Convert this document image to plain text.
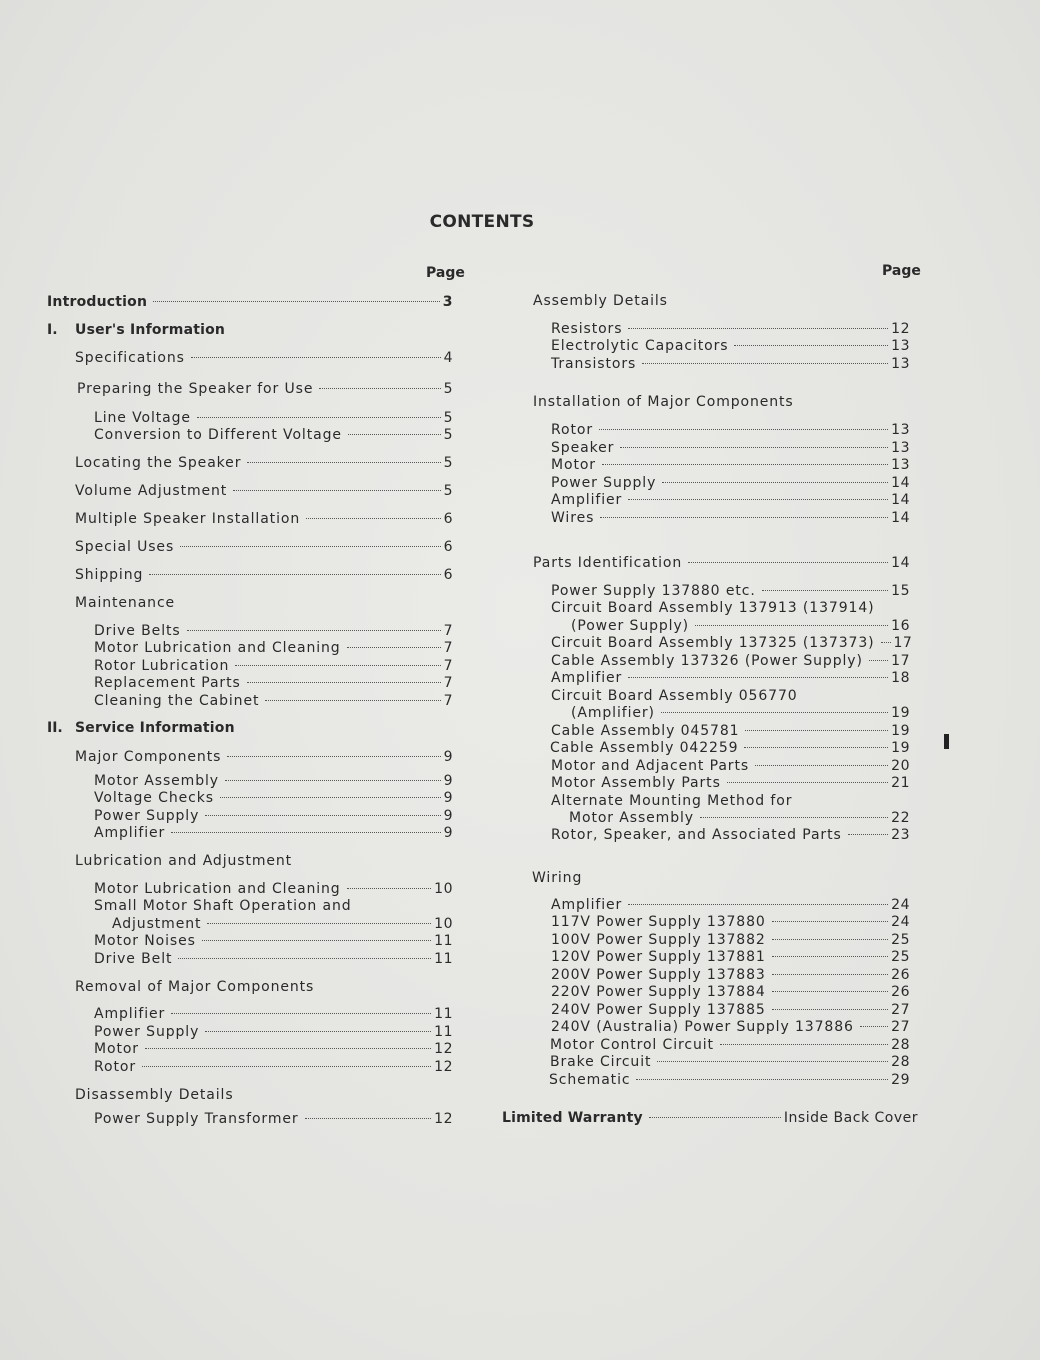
CONTENTS
Page	Page
Introduction	3
I. User's Information
Specifications	4
Preparing the Speaker for Use	5
Line Voltage	5
Conversion to Different Voltage	5
Locating the Speaker	5
Volume Adjustment	5
Multiple Speaker Installation	6
Special Uses	6
Shipping	6
Maintenance
Drive Belts	7
Motor Lubrication and Cleaning	7
Rotor Lubrication	7
Replacement Parts	7
Cleaning the Cabinet	7
II. Service Information
Major Components	9
Motor Assembly	9
Voltage Checks	9
Power Supply	9
Amplifier	9
Lubrication and Adjustment
Motor Lubrication and Cleaning	10
Small Motor Shaft Operation and
Adjustment	10
Motor Noises	11
Drive Belt	11
Removal of Major Components
Amplifier	11
Power Supply	11
Motor	12
Rotor	12
Disassembly Details
Power Supply Transformer	12
Assembly Details
Resistors	12
Electrolytic Capacitors	13
Transistors	13
Installation of Major Components
Rotor	13
Speaker	13
Motor	13
Power Supply	14
Amplifier	14
Wires	14
Parts Identification	14
Power Supply 137880 etc.	15
Circuit Board Assembly 137913 (137914)
(Power Supply)	16
Circuit Board Assembly 137325 (137373) 17
Cable Assembly 137326 (Power Supply) 17
Amplifier	18
Circuit Board Assembly 056770
(Amplifier)	19
Cable Assembly 045781	19
Cable Assembly 042259	19
Motor and Adjacent Parts	20
Motor Assembly Parts	21
Alternate Mounting Method for
Motor Assembly	22
Rotor, Speaker, and Associated Parts	23
Wiring
Amplifier	24
117V Power Supply 137880	24
100V Power Supply 137882	25
120V Power Supply 137881	25
200V Power Supply 137883	26
220V Power Supply 137884	26
240V Power Supply 137885	27
240V (Australia) Power Supply 137886	27
Motor Control Circuit	28
Brake Circuit	28
Schematic	29
Limited Warranty	Inside Back Cover
